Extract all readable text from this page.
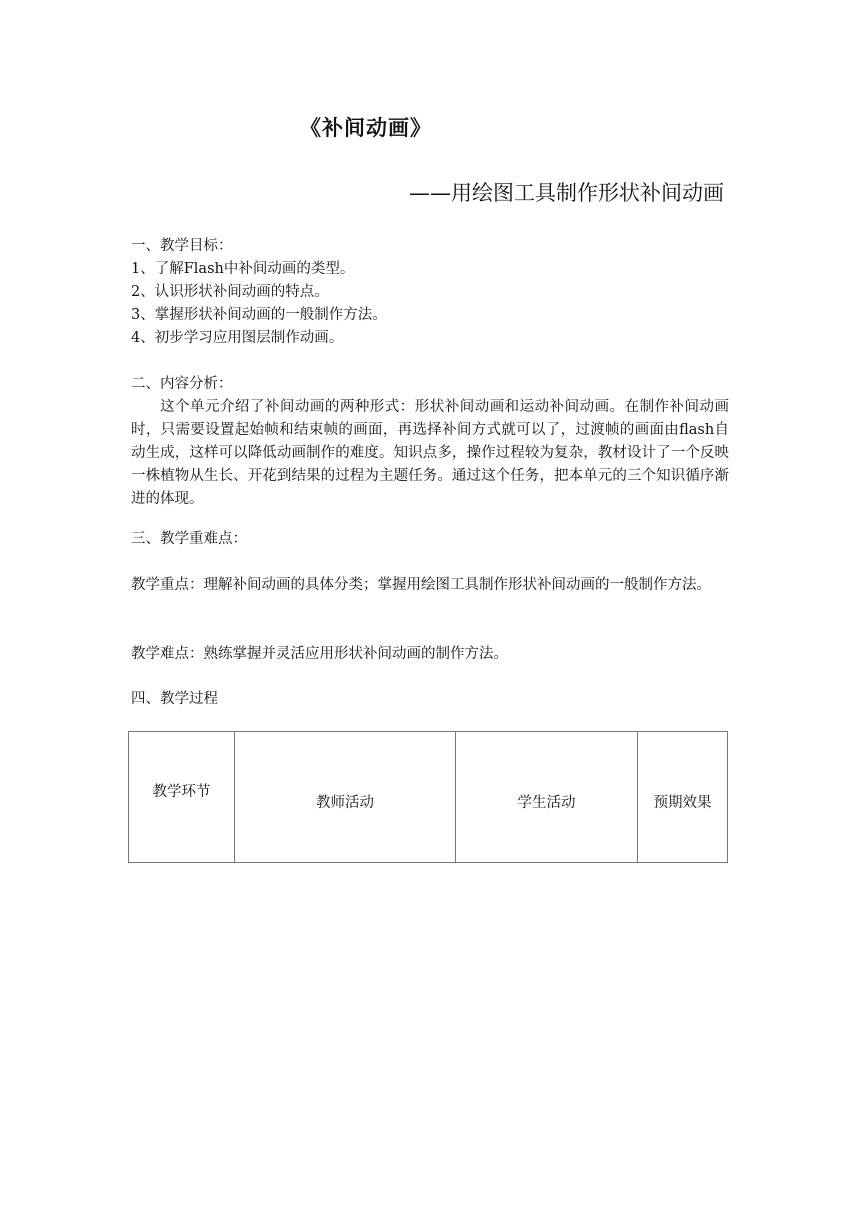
《补间动画》
——用绘图工具制作形状补间动画

一、教学目标：

1、了解Flash中补间动画的类型。

2、认识形状补间动画的特点。

3、掌握形状补间动画的一般制作方法。

4、初步学习应用图层制作动画。

二、内容分析：

这个单元介绍了补间动画的两种形式：形状补间动画和运动补间动画。在制作补间动画时，只需要设置起始帧和结束帧的画面，再选择补间方式就可以了，过渡帧的画面由flash自动生成，这样可以降低动画制作的难度。知识点多，操作过程较为复杂，教材设计了一个反映一株植物从生长、开花到结果的过程为主题任务。通过这个任务，把本单元的三个知识循序渐进的体现。

三、教学重难点：

教学重点：理解补间动画的具体分类；掌握用绘图工具制作形状补间动画的一般制作方法。

教学难点：熟练掌握并灵活应用形状补间动画的制作方法。

四、教学过程

教学环节	教师活动	学生活动	预期效果
